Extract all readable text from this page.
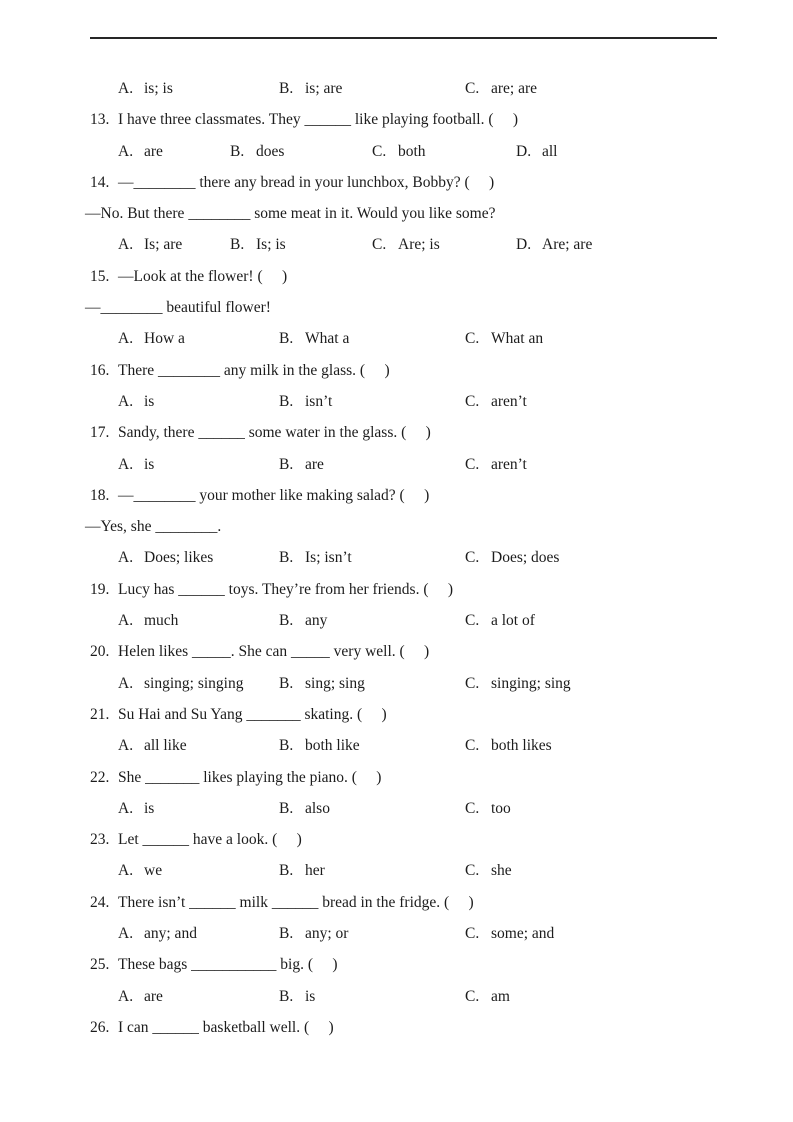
A. is; is	B. is; are	C. are; are
13. I have three classmates. They ______ like playing football. (     )
A. are	B. does	C. both	D. all
14. —________ there any bread in your lunchbox, Bobby? (     )
—No. But there ________ some meat in it. Would you like some?
A. Is; are	B. Is; is	C. Are; is	D. Are; are
15. —Look at the flower! (     )
—________ beautiful flower!
A. How a	B. What a	C. What an
16. There ________ any milk in the glass. (     )
A. is	B. isn’t	C. aren’t
17. Sandy, there ______ some water in the glass. (     )
A. is	B. are	C. aren’t
18. —________ your mother like making salad? (     )
—Yes, she ________.
A. Does; likes	B. Is; isn’t	C. Does; does
19. Lucy has ______ toys. They’re from her friends. (     )
A. much	B. any	C. a lot of
20. Helen likes _____. She can _____ very well. (     )
A. singing; singing B. sing; sing	C. singing; sing
21. Su Hai and Su Yang _______ skating. (     )
A. all like	B. both like	C. both likes
22. She _______ likes playing the piano. (     )
A. is	B. also	C. too
23. Let ______ have a look. (     )
A. we	B. her	C. she
24. There isn’t ______ milk ______ bread in the fridge. (     )
A. any; and	B. any; or	C. some; and
25. These bags ___________ big. (     )
A. are	B. is	C. am
26. I can ______ basketball well. (     )
